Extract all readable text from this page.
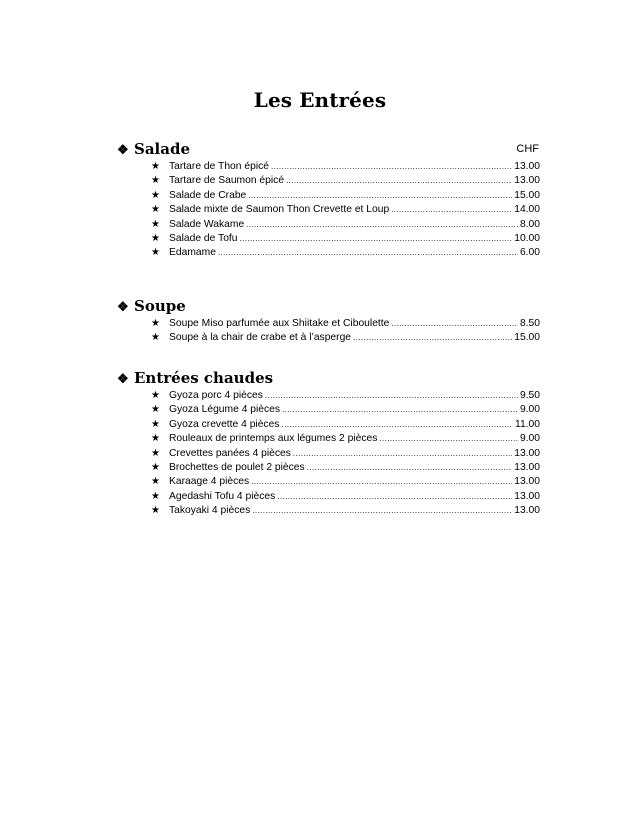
Les Entrées
❖ Salade	CHF
★ Tartare de Thon épicé .....	13.00
★ Tartare de Saumon épicé .....	13.00
★ Salade de Crabe .....	15.00
★ Salade mixte de Saumon Thon Crevette et Loup .....	14.00
★ Salade Wakame .....	8.00
★ Salade de Tofu .....	10.00
★ Edamame .....	6.00
❖ Soupe
★ Soupe Miso parfumée aux Shiitake et Ciboulette .....	8.50
★ Soupe à la chair de crabe et à l’asperge .....	15.00
❖ Entrées chaudes
★ Gyoza porc 4 pièces .....	9.50
★ Gyoza Légume 4 pièces .....	9.00
★ Gyoza crevette 4 pièces .....	11.00
★ Rouleaux de printemps aux légumes 2 pièces .....	9.00
★ Crevettes panées 4 pièces .....	13.00
★ Brochettes de poulet 2 pièces .....	13.00
★ Karaage 4 pièces .....	13.00
★ Agedashi Tofu 4 pièces .....	13.00
★ Takoyaki 4 pièces .....	13.00
